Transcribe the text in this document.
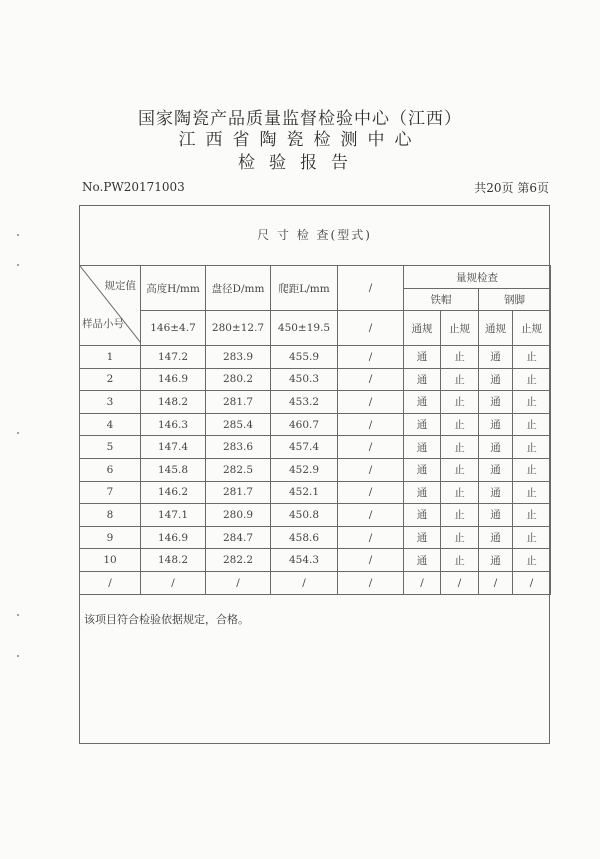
国家陶瓷产品质量监督检验中心（江西）
江西省陶瓷检测中心
检验报告
No.PW20171003	共20页 第6页
尺 寸 检 查(型式)
规定值
样品小号	高度H/mm	盘径D/mm	爬距L/mm	/	量规检查			
					铁帽		钢脚	
	146±4.7	280±12.7	450±19.5	/	通规	止规	通规	止规
1	147.2	283.9	455.9	/	通	止	通	止
2	146.9	280.2	450.3	/	通	止	通	止
3	148.2	281.7	453.2	/	通	止	通	止
4	146.3	285.4	460.7	/	通	止	通	止
5	147.4	283.6	457.4	/	通	止	通	止
6	145.8	282.5	452.9	/	通	止	通	止
7	146.2	281.7	452.1	/	通	止	通	止
8	147.1	280.9	450.8	/	通	止	通	止
9	146.9	284.7	458.6	/	通	止	通	止
10	148.2	282.2	454.3	/	通	止	通	止
/	/	/	/	/	/	/	/	/
该项目符合检验依据规定，合格。
